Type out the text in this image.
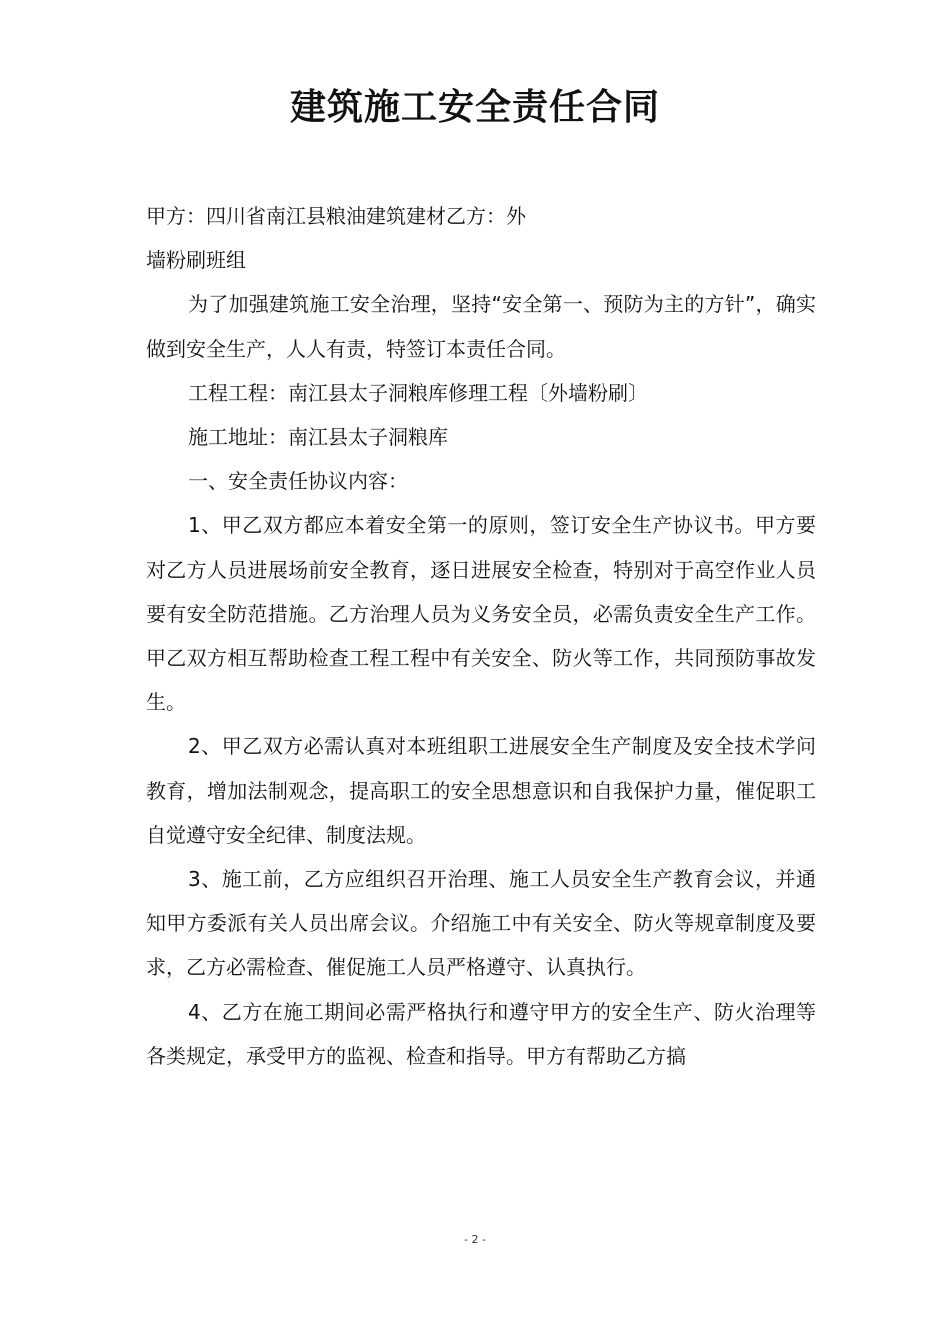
建筑施工安全责任合同

甲方：四川省南江县粮油建筑建材乙方：外

墙粉刷班组

为了加强建筑施工安全治理，坚持“安全第一、预防为主的方针”，确实做到安全生产，人人有责，特签订本责任合同。

工程工程：南江县太子洞粮库修理工程〔外墙粉刷〕

施工地址：南江县太子洞粮库

一、安全责任协议内容：

1、甲乙双方都应本着安全第一的原则，签订安全生产协议书。甲方要对乙方人员进展场前安全教育，逐日进展安全检查，特别对于高空作业人员要有安全防范措施。乙方治理人员为义务安全员，必需负责安全生产工作。甲乙双方相互帮助检查工程工程中有关安全、防火等工作，共同预防事故发生。

2、甲乙双方必需认真对本班组职工进展安全生产制度及安全技术学问教育，增加法制观念，提高职工的安全思想意识和自我保护力量，催促职工自觉遵守安全纪律、制度法规。

3、施工前，乙方应组织召开治理、施工人员安全生产教育会议，并通知甲方委派有关人员出席会议。介绍施工中有关安全、防火等规章制度及要求，乙方必需检查、催促施工人员严格遵守、认真执行。

4、乙方在施工期间必需严格执行和遵守甲方的安全生产、防火治理等各类规定，承受甲方的监视、检查和指导。甲方有帮助乙方搞

- 2 -
